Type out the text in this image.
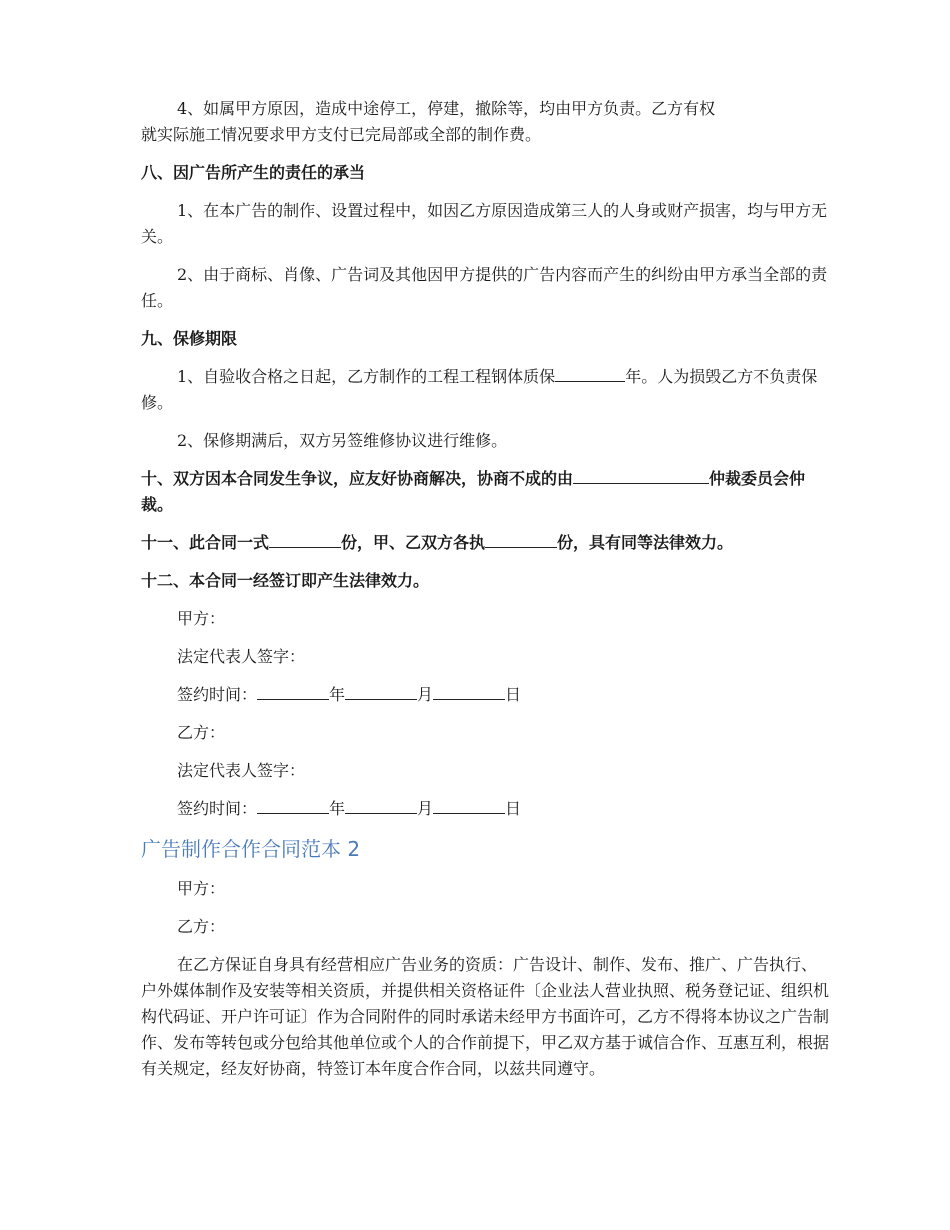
4、如属甲方原因，造成中途停工，停建，撤除等，均由甲方负责。乙方有权
就实际施工情况要求甲方支付已完局部或全部的制作费。

八、因广告所产生的责任的承当

1、在本广告的制作、设置过程中，如因乙方原因造成第三人的人身或财产损害，均与甲方无关。

2、由于商标、肖像、广告词及其他因甲方提供的广告内容而产生的纠纷由甲方承当全部的责任。

九、保修期限

1、自验收合格之日起，乙方制作的工程工程钢体质保	年。人为损毁乙方不负责保修。

2、保修期满后，双方另签维修协议进行维修。

十、双方因本合同发生争议，应友好协商解决，协商不成的由	仲裁委员会仲裁。

十一、此合同一式	份，甲、乙双方各执	份，具有同等法律效力。

十二、本合同一经签订即产生法律效力。

甲方：

法定代表人签字：

签约时间：	年	月	日

乙方：

法定代表人签字：

签约时间：	年	月	日

广告制作合作合同范本 2

甲方：

乙方：

在乙方保证自身具有经营相应广告业务的资质：广告设计、制作、发布、推广、广告执行、户外媒体制作及安装等相关资质，并提供相关资格证件〔企业法人营业执照、税务登记证、组织机构代码证、开户许可证〕作为合同附件的同时承诺未经甲方书面许可，乙方不得将本协议之广告制作、发布等转包或分包给其他单位或个人的合作前提下，甲乙双方基于诚信合作、互惠互利，根据有关规定，经友好协商，特签订本年度合作合同，以兹共同遵守。
